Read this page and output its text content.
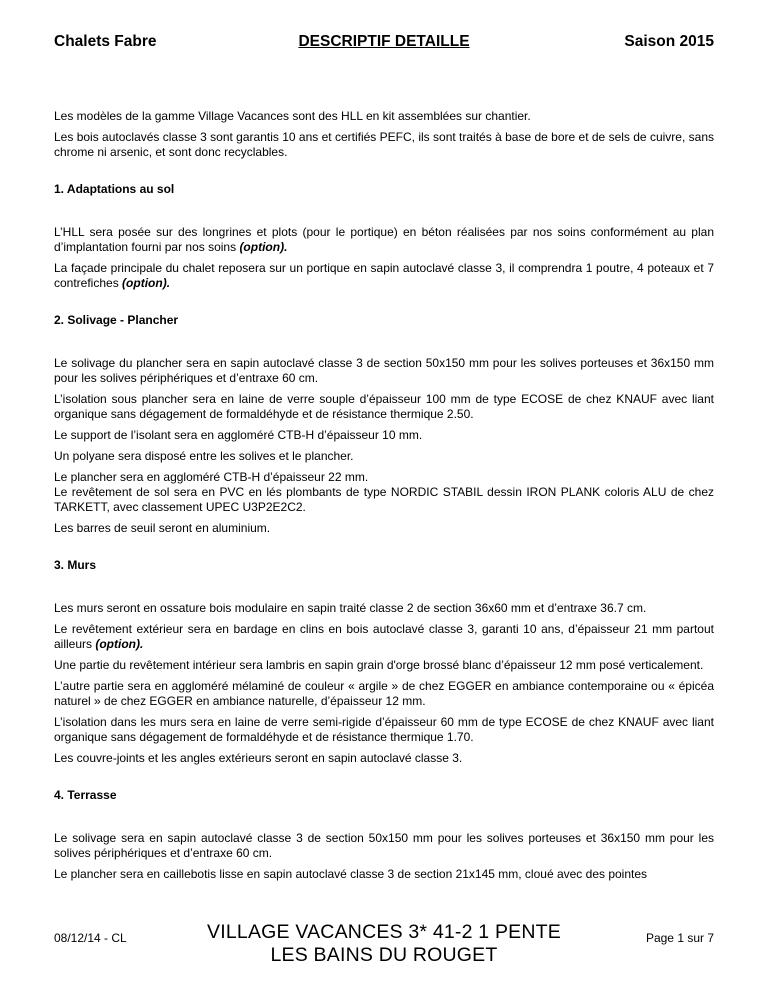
Chalets Fabre	DESCRIPTIF DETAILLE	Saison 2015

Les modèles de la gamme Village Vacances sont des HLL en kit assemblées sur chantier.

Les bois autoclavés classe 3 sont garantis 10 ans et certifiés PEFC, ils sont traités à base de bore et de sels de cuivre, sans chrome ni arsenic, et sont donc recyclables.

1. Adaptations au sol

L’HLL sera posée sur des longrines et plots (pour le portique) en béton réalisées par nos soins conformément au plan d’implantation fourni par nos soins (option).

La façade principale du chalet reposera sur un portique en sapin autoclavé classe 3, il comprendra 1 poutre, 4 poteaux et 7 contrefiches (option).

2. Solivage - Plancher

Le solivage du plancher sera en sapin autoclavé classe 3 de section 50x150 mm pour les solives porteuses et 36x150 mm pour les solives périphériques et d’entraxe 60 cm.

L’isolation sous plancher sera en laine de verre souple d’épaisseur 100 mm de type ECOSE de chez KNAUF avec liant organique sans dégagement de formaldéhyde et de résistance thermique 2.50.

Le support de l’isolant sera en aggloméré CTB-H d’épaisseur 10 mm.

Un polyane sera disposé entre les solives et le plancher.

Le plancher sera en aggloméré CTB-H d’épaisseur 22 mm.
Le revêtement de sol sera en PVC en lés plombants de type NORDIC STABIL dessin IRON PLANK coloris ALU de chez TARKETT, avec classement UPEC U3P2E2C2.

Les barres de seuil seront en aluminium.

3. Murs

Les murs seront en ossature bois modulaire en sapin traité classe 2 de section 36x60 mm et d’entraxe 36.7 cm.

Le revêtement extérieur sera en bardage en clins en bois autoclavé classe 3, garanti 10 ans, d’épaisseur 21 mm partout ailleurs (option).

Une partie du revêtement intérieur sera lambris en sapin grain d'orge brossé blanc d’épaisseur 12 mm posé verticalement.

L’autre partie sera en aggloméré mélaminé de couleur « argile » de chez EGGER en ambiance contemporaine ou « épicéa naturel » de chez EGGER en ambiance naturelle, d’épaisseur 12 mm.

L’isolation dans les murs sera en laine de verre semi-rigide d’épaisseur 60 mm de type ECOSE de chez KNAUF avec liant organique sans dégagement de formaldéhyde et de résistance thermique 1.70.

Les couvre-joints et les angles extérieurs seront en sapin autoclavé classe 3.

4. Terrasse

Le solivage sera en sapin autoclavé classe 3 de section 50x150 mm pour les solives porteuses et 36x150 mm pour les solives périphériques et d’entraxe 60 cm.

Le plancher sera en caillebotis lisse en sapin autoclavé classe 3 de section 21x145 mm, cloué avec des pointes

08/12/14 - CL	VILLAGE VACANCES 3* 41-2 1 PENTE
LES BAINS DU ROUGET
Page 1 sur 7
